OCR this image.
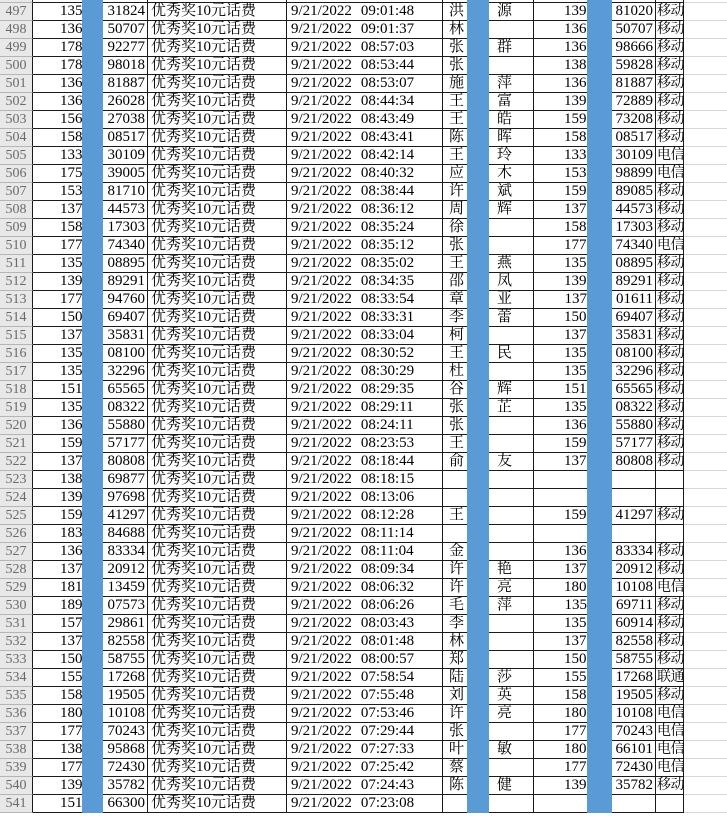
497	135 31824 优秀奖10元话费	9/21/2022 09:01:48 洪 源	139 81020 移动
498	136 50707 优秀奖10元话费	9/21/2022 09:01:37 林	136 50707 移动
499	178 92277 优秀奖10元话费	9/21/2022 08:57:03 张 群	136 98666 移动
500	178 98018 优秀奖10元话费	9/21/2022 08:53:44 张	138 59828 移动
501	136 81887 优秀奖10元话费	9/21/2022 08:53:07 施 萍	136 81887 移动
502	136 26028 优秀奖10元话费	9/21/2022 08:44:34 王 富	139 72889 移动
503	156 27038 优秀奖10元话费	9/21/2022 08:43:49 王 皓	159 73208 移动
504	158 08517 优秀奖10元话费	9/21/2022 08:43:41 陈 晖	158 08517 移动
505	133 30109 优秀奖10元话费	9/21/2022 08:42:14 王 玲	133 30109 电信
506	175 39005 优秀奖10元话费	9/21/2022 08:40:32 应 木	153 98899 电信
507	153 81710 优秀奖10元话费	9/21/2022 08:38:44 许 斌	159 89085 移动
508	137 44573 优秀奖10元话费	9/21/2022 08:36:12 周 辉	137 44573 移动
509	158 17303 优秀奖10元话费	9/21/2022 08:35:24 徐	158 17303 移动
510	177 74340 优秀奖10元话费	9/21/2022 08:35:12 张	177 74340 电信
511	135 08895 优秀奖10元话费	9/21/2022 08:35:02 王 燕	135 08895 移动
512	139 89291 优秀奖10元话费	9/21/2022 08:34:35 邵 凤	139 89291 移动
513	177 94760 优秀奖10元话费	9/21/2022 08:33:54 章 亚	137 01611 移动
514	150 69407 优秀奖10元话费	9/21/2022 08:33:31 李 蕾	150 69407 移动
515	137 35831 优秀奖10元话费	9/21/2022 08:33:04 柯	137 35831 移动
516	135 08100 优秀奖10元话费	9/21/2022 08:30:52 王 民	135 08100 移动
517	135 32296 优秀奖10元话费	9/21/2022 08:30:29 杜	135 32296 移动
518	151 65565 优秀奖10元话费	9/21/2022 08:29:35 谷 辉	151 65565 移动
519	135 08322 优秀奖10元话费	9/21/2022 08:29:11 张 芷	135 08322 移动
520	136 55880 优秀奖10元话费	9/21/2022 08:24:11 张	136 55880 移动
521	159 57177 优秀奖10元话费	9/21/2022 08:23:53 王	159 57177 移动
522	137 80808 优秀奖10元话费	9/21/2022 08:18:44 俞 友	137 80808 移动
523	138 69877 优秀奖10元话费	9/21/2022 08:18:15
524	139 97698 优秀奖10元话费	9/21/2022 08:13:06
525	159 41297 优秀奖10元话费	9/21/2022 08:12:28 王	159 41297 移动
526	183 84688 优秀奖10元话费	9/21/2022 08:11:14
527	136 83334 优秀奖10元话费	9/21/2022 08:11:04 金	136 83334 移动
528	137 20912 优秀奖10元话费	9/21/2022 08:09:34 许 艳	137 20912 移动
529	181 13459 优秀奖10元话费	9/21/2022 08:06:32 许 亮	180 10108 电信
530	189 07573 优秀奖10元话费	9/21/2022 08:06:26 毛 萍	135 69711 移动
531	157 29861 优秀奖10元话费	9/21/2022 08:03:43 李	135 60914 移动
532	137 82558 优秀奖10元话费	9/21/2022 08:01:48 林	137 82558 移动
533	150 58755 优秀奖10元话费	9/21/2022 08:00:57 郑	150 58755 移动
534	155 17268 优秀奖10元话费	9/21/2022 07:58:54 陆 莎	155 17268 联通
535	158 19505 优秀奖10元话费	9/21/2022 07:55:48 刘 英	158 19505 移动
536	180 10108 优秀奖10元话费	9/21/2022 07:53:46 许 亮	180 10108 电信
537	177 70243 优秀奖10元话费	9/21/2022 07:29:44 张	177 70243 电信
538	138 95868 优秀奖10元话费	9/21/2022 07:27:33 叶 敏	180 66101 电信
539	177 72430 优秀奖10元话费	9/21/2022 07:25:42 蔡	177 72430 电信
540	139 35782 优秀奖10元话费	9/21/2022 07:24:43 陈 健	139 35782 移动
541	151 66300 优秀奖10元话费	9/21/2022 07:23:08
